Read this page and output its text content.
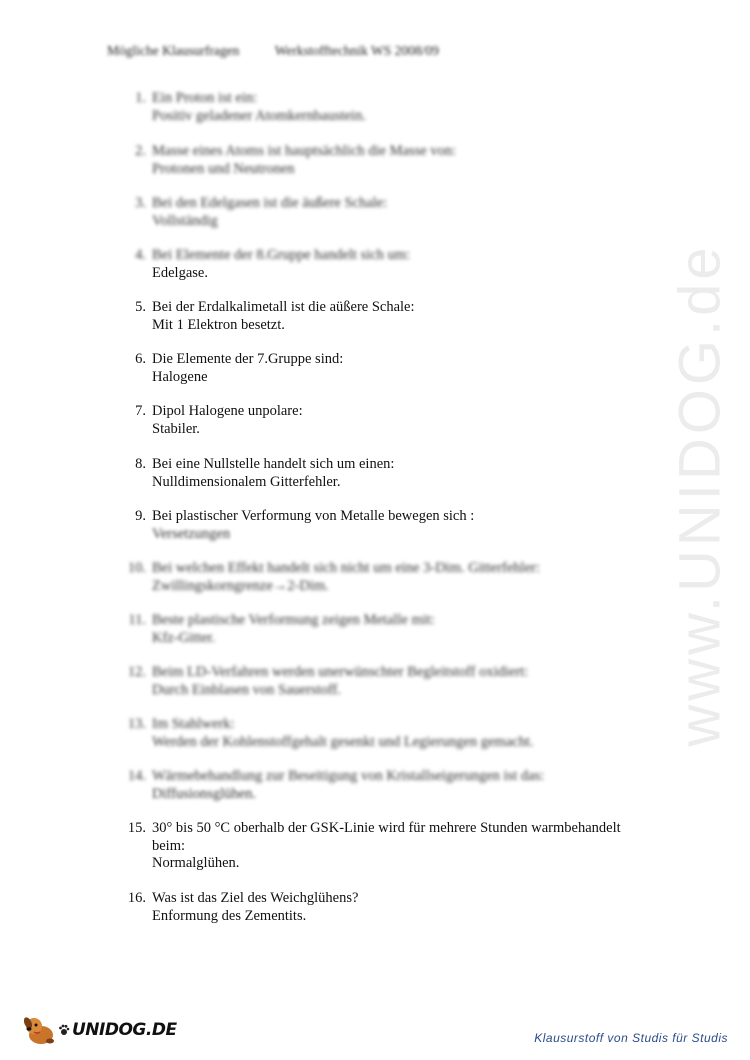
Mögliche Klausurfragen	Werkstofftechnik WS 2008/09
www.UNIDOG.de
1. Ein Proton ist ein:
Positiv geladener Atomkernbaustein.
2. Masse eines Atoms ist hauptsächlich die Masse von:
Protonen und Neutronen
3. Bei den Edelgasen ist die äußere Schale:
Vollständig
4. Bei Elemente der 8.Gruppe handelt sich um:
Edelgase.
5. Bei der Erdalkalimetall ist die aüßere Schale:
Mit 1 Elektron besetzt.
6. Die Elemente der 7.Gruppe sind:
Halogene
7. Dipol Halogene unpolare:
Stabiler.
8. Bei eine Nullstelle handelt sich um einen:
Nulldimensionalem Gitterfehler.
9. Bei plastischer Verformung von Metalle bewegen sich :
Versetzungen
10. Bei welchen Effekt handelt sich nicht um eine 3-Dim. Gitterfehler:
Zwillingskorngrenze→2-Dim.
11. Beste plastische Verformung zeigen Metalle mit:
Kfz-Gitter.
12. Beim LD-Verfahren werden unerwünschter Begleitstoff oxidiert:
Durch Einblasen von Sauerstoff.
13. Im Stahlwerk:
Werden der Kohlenstoffgehalt gesenkt und Legierungen gemacht.
14. Wärmebehandlung zur Beseitigung von Kristallseigerungen ist das:
Diffusionsglühen.
15. 30° bis 50 °C oberhalb der GSK-Linie wird für mehrere Stunden warmbehandelt beim:
Normalglühen.
16. Was ist das Ziel des Weichglühens?
Enformung des Zementits.
UNIDOG.DE	Klausurstoff von Studis für Studis
